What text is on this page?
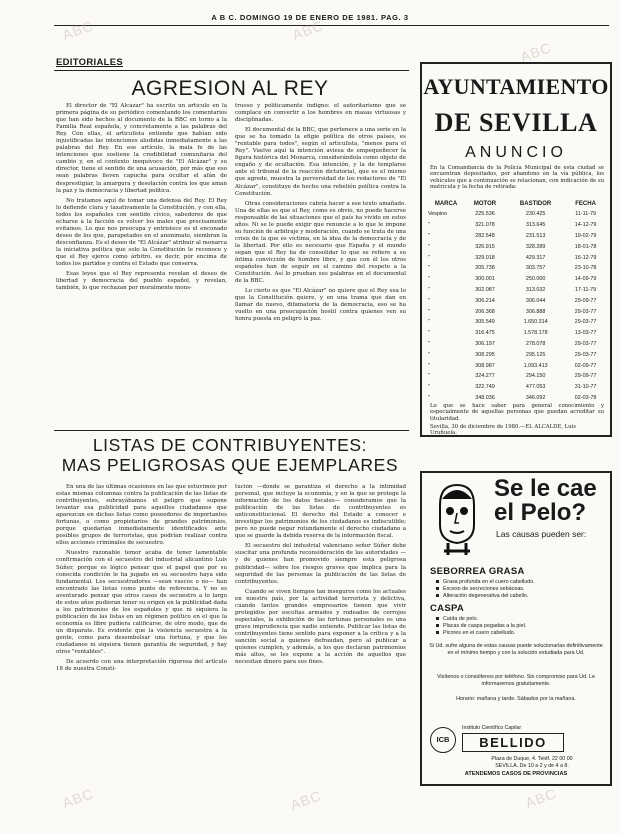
A B C. DOMINGO 19 DE ENERO DE 1981. PAG. 3
ABC	ABC
ABC
ABC	ABC	ABC
EDITORIALES
AGRESION AL REY

El director de "El Alcázar" ha escrito un artículo en la primera página de su periódico comentando los comentarios que han sido hechos al documento de la BBC en torno a la Familia Real española, y concretamente a las palabras del Rey. Con ellas, el articulista entiende que habían sido injustificadas las intenciones aludidas inmediatamente a las palabras del Rey. En ese artículo, la mala fe de las intenciones que sostiene la credibilidad comunitaria del cambio y, en el contexto inequívoco de "El Alcázar" y su director, tiene el sentido de una acusación, por más que eso sean palabras lleven capucha para ocultar el afán de desprestigiar, la amargura y desolación contra los que aman la paz y la democracia y libertad política.

No tratamos aquí de tomar una defensa del Rey. El Rey lo defiende clara y taxativamente la Constitución, y con ella, todos los españoles con sentido cívico, sabedores de que echarse a la facción es volver los males que precisamente evitamos. Lo que nos preocupa y entristece es el enconado deseo de los que, parapetados en el anonimato, siembran la desconfianza. Es el deseo de "El Alcázar" atribuir al monarca la iniciativa política que solo la Constitución le reconoce y que el Rey ejerce como árbitro, es decir, por encima de todos los partidos y contra el Estado que conserva.

Esas leyes que el Rey representa revelan el deseo de libertad y democracia del pueblo español, y revelan, también, lo que rechazan por moralmente mons-

truoso y políticamente indigno: el autoritarismo que se complace en convertir a los hombres en masas virtuosas y disciplinadas.

El documental de la BBC, que pertenece a una serie en la que se ha tomado la efigie política de otros países, es "rentable para todos", según el articulista, "menos para el Rey". Vuelve aquí la intención aviesa de empequeñecer la figura histórica del Monarca, considerándola como objeto de engaño y de ocultación. Esa intención, y la de templarse ante el tribunal de la reacción dictatorial, que es el mismo que agrede, muestra la perversidad de los redactores de "El Alcázar", constituye de hecho una rebelión política contra la Constitución.

Otras consideraciones cabría hacer a ese texto amañado. Una de ellas es que el Rey, como es obvio, no puede hacerse responsable de las situaciones que el país ha vivido en estos años. Ni se le puede exigir que renuncie a lo que le impone su función de arbitraje y moderación, cuando se trata de una crisis de la que es víctima, en la idea de la democracia y de la libertad. Por ello es necesario que España y el mundo sepan que el Rey ha de consolidar lo que se refiere a su íntima convicción de hombre libre, y que con él los otros españoles han de seguir en el camino del respeto a la Constitución. Así lo prueban sus palabras en el documental de la BBC.

Lo cierto es que "El Alcázar" no quiere que el Rey sea lo que la Constitución quiere, y en una trama que dan en llamar de nuevo, difamatoria de la democracia, eso se ha vuelto en una preocupación hostil contra quienes ven su honra puesta en peligro la paz.

LISTAS DE CONTRIBUYENTES:
MAS PELIGROSAS QUE EJEMPLARES

En una de las últimas ocasiones en las que estuvimos por estas mismas columnas contra la publicación de las listas de contribuyentes, subrayábamos el peligro que supone levantar esa publicidad para aquellos ciudadanos que aparezcan en dichas listas como poseedores de importantes fortunas, o como propietarios de grandes patrimonios, porque quedarían inmediatamente identificados ante posibles grupos de terroristas, que podrían realizar contra ellos acciones criminales de secuestro.

Nuestro razonable temor acaba de tener lamentable confirmación con el secuestro del industrial alicantino Luis Súñer, porque es lógico pensar que el papel que por su conocida condición le ha jugado en su secuestro haya sido fundamental. Los secuestradores —sean vascos o no— han encontrado las listas como punto de referencia. Y no es aventurado pensar que otros casos de secuestro a lo largo de estos años pudieran tener su origen en la publicidad dada a los patrimonios de los españoles y que ni siquiera la publicación de las listas en un régimen político en el que la economía es libre pudiera calificarse, de otro modo, que de un disparate. Es evidente que la violencia secuestra a la gente, como para desembolsar una fortuna, y que los ciudadanos ni siquiera tienen garantía de seguridad, y hay otros "rentables".

De acuerdo con una interpretación rigurosa del artículo 18 de nuestra Consti-

tución —donde se garantiza el derecho a la intimidad personal, que incluye la economía, y en la que se protege la información de los datos fiscales— consideramos que la publicación de las listas de contribuyentes es anticonstitucional. El derecho del Estado a conocer e investigar los patrimonios de los ciudadanos es indiscutible; pero no puede negar rotundamente el derecho ciudadano a que se guarde la debida reserva de la información fiscal.

El secuestro del industrial valenciano señor Súñer debe suscitar una profunda reconsideración de las autoridades —y de quienes han promovido siempre esta peligrosa publicidad— sobre los riesgos graves que implica para la seguridad de las personas la publicación de las listas de contribuyentes.

Cuando se viven tiempos tan inseguros como los actuales en nuestro país, por la actividad terrorista y delictiva, cuando tantos grandes empresarios tienen que vivir protegidos por escoltas armados y rodeados de cerrojos especiales, la exhibición de las fortunas personales es una grave imprudencia que nadie entiende. Publicar las listas de contribuyentes tiene sentido para exponer a la crítica y a la sanción social a quienes defraudan, pero al publicar a quienes cumplen, y además, a los que declaran patrimonios más altos, se les expone a la acción de aquellos que necesitan dinero para sus fines.

AYUNTAMIENTO
DE SEVILLA
ANUNCIO
En la Comandancia de la Policía Municipal de esta ciudad se encuentran depositados, por abandono en la vía pública, los vehículos que a continuación se relacionan, con indicación de su matrícula y la fecha de retirada:
MARCA	MOTOR	BASTIDOR	FECHA
Vespino	225.536	230.425	11-11-79
"	321.078	313.645	14-12-79
"	282.548	231.513	19-02-79
"	326.915	328.289	18-01-78
"	329.018	429.317	16-12-79
"	205.738	303.757	23-10-78
"	300.001	250.000	14-09-79
"	302.087	313.032	17-11-79
"	306.214	306.044	29-09-77
"	206.368	306.888	29-03-77
"	305.549	1.650.314	29-03-77
"	316.475	1.578.178	13-03-77
"	306.197	278.078	29-03-77
"	308.295	295.125	29-03-77
"	308.987	1.093.413	02-09-77
"	324.277	294.150	29-09-77
"	322.749	477.053	31-10-77
"	348.036	346.092	02-03-78
Lo que se hace saber para general conocimiento y especialmente de aquellas personas que puedan acreditar su titularidad.
Sevilla, 30 de diciembre de 1980.—EL ALCALDE, Luis Uruñuela.
Se le cae
el Pelo?
Las causas pueden ser:
SEBORREA GRASA
Grasa profunda en el cuero cabelludo.
Exceso de secreciones sebáceas.
Alteración degenerativa del cabello.
CASPA
Caída de pelo.
Placas de caspa pegadas a la piel.
Picores en el cuero cabelludo.
Si Ud. sufre alguna de estas causas puede solucionarlas definitivamente en el mínimo tiempo y con la solución estudiada para Ud.
Visítenos o consúltenos por teléfono. Sin compromiso para Ud. Le informaremos gratuitamente.
Horario: mañana y tarde. Sábados por la mañana.
ICB
Instituto Científico Capilar
BELLIDO
Plaza de Duque, 4. Teléf. 22 00 00
SEVILLA. De 10 a 2 y de 4 a 8.
ATENDEMOS CASOS DE PROVINCIAS
